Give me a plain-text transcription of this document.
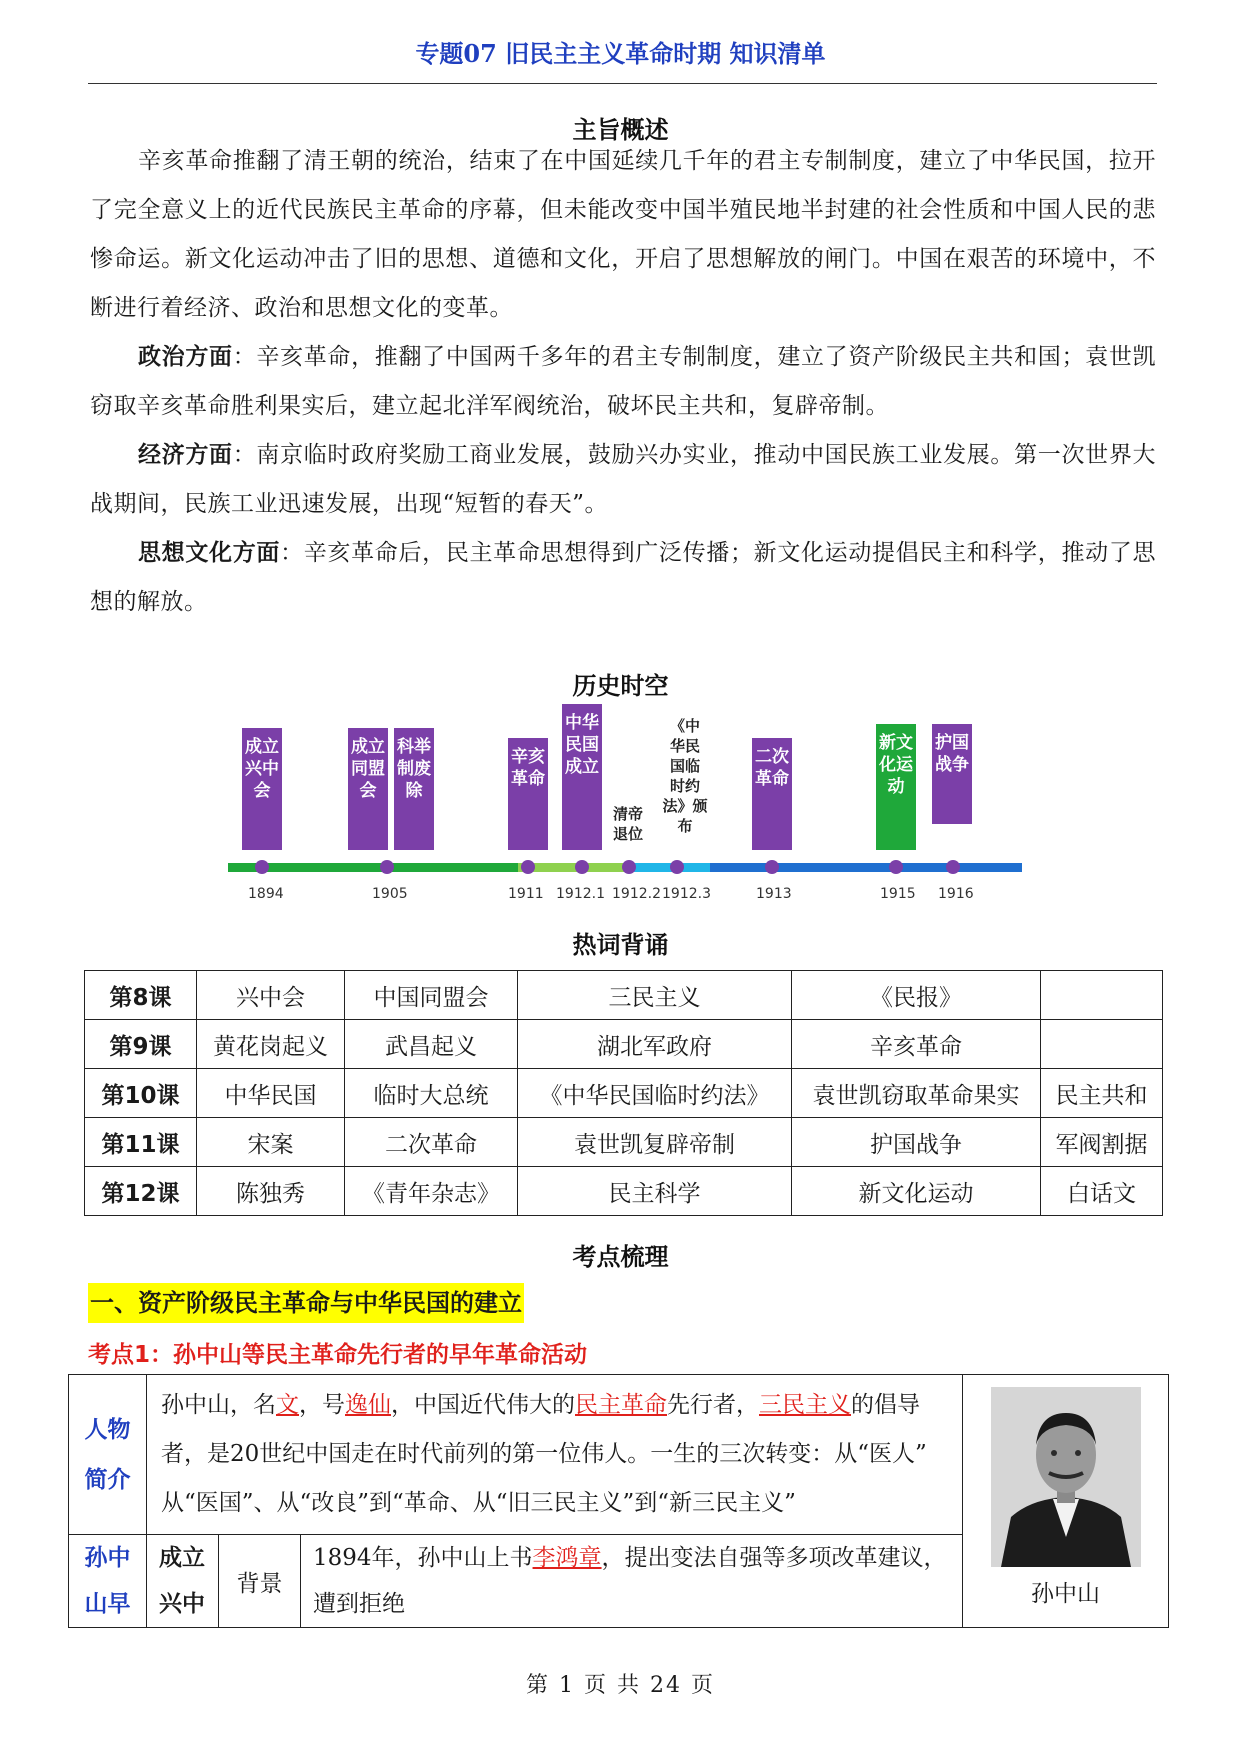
专题07 旧民主主义革命时期 知识清单
主旨概述
辛亥革命推翻了清王朝的统治，结束了在中国延续几千年的君主专制制度，建立了中华民国，拉开了完全意义上的近代民族民主革命的序幕，但未能改变中国半殖民地半封建的社会性质和中国人民的悲惨命运。新文化运动冲击了旧的思想、道德和文化，开启了思想解放的闸门。中国在艰苦的环境中，不断进行着经济、政治和思想文化的变革。
政治方面：辛亥革命，推翻了中国两千多年的君主专制制度，建立了资产阶级民主共和国；袁世凯窃取辛亥革命胜利果实后，建立起北洋军阀统治，破坏民主共和，复辟帝制。
经济方面：南京临时政府奖励工商业发展，鼓励兴办实业，推动中国民族工业发展。第一次世界大战期间，民族工业迅速发展，出现“短暂的春天”。
思想文化方面：辛亥革命后，民主革命思想得到广泛传播；新文化运动提倡民主和科学，推动了思想的解放。
历史时空
成立兴中会
成立同盟会
科举制废除
辛亥革命
中华民国成立	二次革命
新文化运动
护国战争
清帝
退位
《中
华民
国临
时约
法》颁布
1894	1905	1911 1912.1 1912.2 1912.3	1913	1915 1916
热词背诵
第8课	兴中会	中国同盟会	三民主义	《民报》	
第9课	黄花岗起义	武昌起义	湖北军政府	辛亥革命	
第10课	中华民国	临时大总统	《中华民国临时约法》	袁世凯窃取革命果实	民主共和
第11课	宋案	二次革命	袁世凯复辟帝制	护国战争	军阀割据
第12课	陈独秀	《青年杂志》	民主科学	新文化运动	白话文
考点梳理
一、资产阶级民主革命与中华民国的建立
考点1：孙中山等民主革命先行者的早年革命活动
人物简介	孙中山，名文，号逸仙，中国近代伟大的民主革命先行者，三民主义的倡导者，是20世纪中国走在时代前列的第一位伟人。一生的三次转变：从“医人” 从“医国”、从“改良”到“革命、从“旧三民主义”到“新三民主义”			孙中山

孙中山早	成立兴中	背景	1894年，孙中山上书李鸿章，提出变法自强等多项改革建议，遭到拒绝	
第 1 页 共 24 页
